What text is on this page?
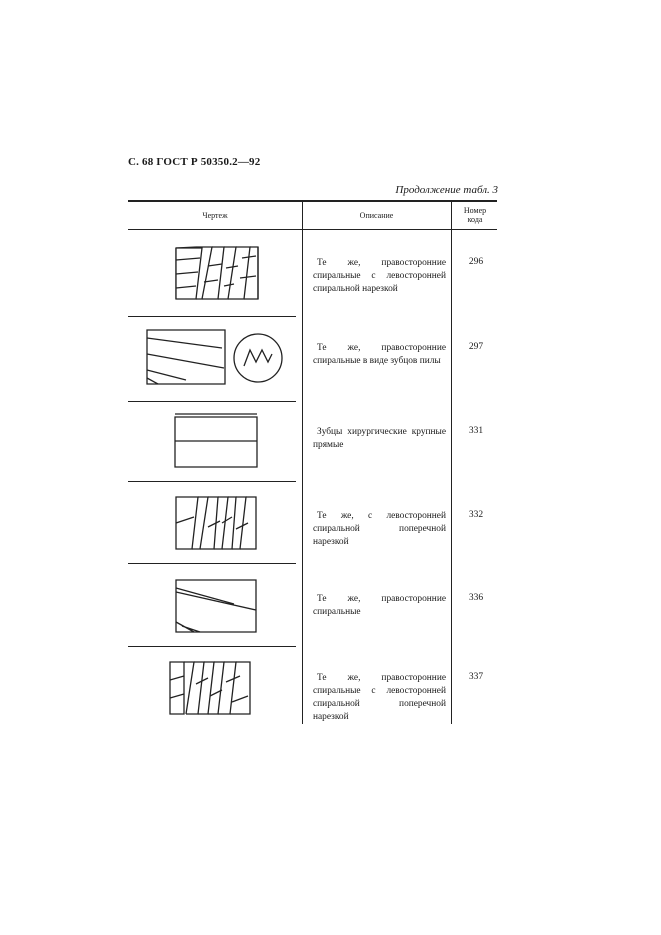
С. 68 ГОСТ Р 50350.2—92
Продолжение табл. 3
Чертеж	Описание
Номер кода
Те же, правосторонние спиральные с левосторонней спиральной нарезкой
296
Те же, правосторонние спиральные в виде зубцов пилы
297
Зубцы хирургические крупные прямые
331
Те же, с левосторонней спиральной поперечной нарезкой
332
Те же, правосторонние спиральные
336
Те же, правосторонние спиральные с левосторонней спиральной поперечной нарезкой
337
